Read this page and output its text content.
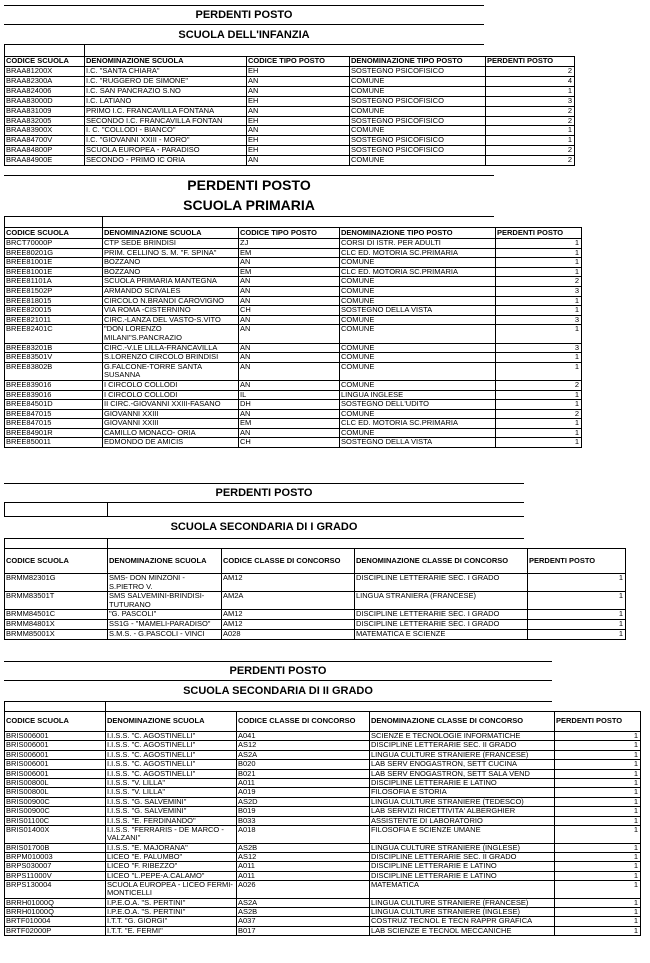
PERDENTI POSTO
SCUOLA DELL'INFANZIA
CODICE SCUOLA	DENOMINAZIONE SCUOLA	CODICE TIPO POSTO	DENOMINAZIONE TIPO POSTO	PERDENTI POSTO
BRAA81200X	I.C. "SANTA CHIARA"	EH	SOSTEGNO PSICOFISICO	2
BRAA82300A	I.C. "RUGGERO DE SIMONE"	AN	COMUNE	4
BRAA824006	I.C. SAN PANCRAZIO S.NO	AN	COMUNE	1
BRAA83000D	I.C. LATIANO	EH	SOSTEGNO PSICOFISICO	3
BRAA831009	PRIMO I.C. FRANCAVILLA FONTANA	AN	COMUNE	2
BRAA832005	SECONDO I.C. FRANCAVILLA FONTAN	EH	SOSTEGNO PSICOFISICO	2
BRAA83900X	I. C. "COLLODI - BIANCO"	AN	COMUNE	1
BRAA84700V	I.C. "GIOVANNI XXIII - MORO"	EH	SOSTEGNO PSICOFISICO	1
BRAA84800P	SCUOLA EUROPEA - PARADISO	EH	SOSTEGNO PSICOFISICO	2
BRAA84900E	SECONDO - PRIMO IC ORIA	AN	COMUNE	2
PERDENTI POSTO
SCUOLA PRIMARIA
CODICE SCUOLA	DENOMINAZIONE SCUOLA	CODICE TIPO POSTO	DENOMINAZIONE TIPO POSTO	PERDENTI POSTO
BRCT70000P	CTP SEDE BRINDISI	ZJ	CORSI DI ISTR. PER ADULTI	1
BREE80201G	PRIM. CELLINO S. M. "F. SPINA"	EM	CLC ED. MOTORIA SC.PRIMARIA	1
BREE81001E	BOZZANO	AN	COMUNE	1
BREE81001E	BOZZANO	EM	CLC ED. MOTORIA SC.PRIMARIA	1
BREE81101A	SCUOLA PRIMARIA MANTEGNA	AN	COMUNE	2
BREE81502P	ARMANDO SCIVALES	AN	COMUNE	3
BREE818015	CIRCOLO N.BRANDI CAROVIGNO	AN	COMUNE	1
BREE820015	VIA ROMA -CISTERNINO	CH	SOSTEGNO DELLA VISTA	1
BREE821011	CIRC.-LANZA DEL VASTO-S.VITO	AN	COMUNE	3
BREE82401C	"DON LORENZO MILANI"S.PANCRAZIO	AN	COMUNE	1
BREE83201B	CIRC.-V.LE LILLA-FRANCAVILLA	AN	COMUNE	3
BREE83501V	S.LORENZO CIRCOLO BRINDISI	AN	COMUNE	1
BREE83802B	G.FALCONE-TORRE SANTA SUSANNA	AN	COMUNE	1
BREE839016	I CIRCOLO COLLODI	AN	COMUNE	2
BREE839016	I CIRCOLO COLLODI	IL	LINGUA INGLESE	1
BREE84501D	II CIRC.-GIOVANNI XXIII-FASANO	DH	SOSTEGNO DELL'UDITO	1
BREE847015	GIOVANNI XXIII	AN	COMUNE	2
BREE847015	GIOVANNI XXIII	EM	CLC ED. MOTORIA SC.PRIMARIA	1
BREE84901R	CAMILLO MONACO- ORIA	AN	COMUNE	1
BREE850011	EDMONDO DE AMICIS	CH	SOSTEGNO DELLA VISTA	1
PERDENTI POSTO
SCUOLA SECONDARIA DI I GRADO
CODICE SCUOLA	DENOMINAZIONE SCUOLA	CODICE CLASSE DI CONCORSO	DENOMINAZIONE CLASSE DI CONCORSO	PERDENTI POSTO
BRMM82301G	SMS- DON MINZONI - S.PIETRO V.	AM12	DISCIPLINE LETTERARIE SEC. I GRADO	1
BRMM83501T	SMS SALVEMINI-BRINDISI-TUTURANO	AM2A	LINGUA STRANIERA (FRANCESE)	1
BRMM84501C	"G. PASCOLI"	AM12	DISCIPLINE LETTERARIE SEC. I GRADO	1
BRMM84801X	SS1G - "MAMELI-PARADISO"	AM12	DISCIPLINE LETTERARIE SEC. I GRADO	1
BRMM85001X	S.M.S. - G.PASCOLI - VINCI	A028	MATEMATICA E SCIENZE	1
PERDENTI POSTO
SCUOLA SECONDARIA DI II GRADO
CODICE SCUOLA	DENOMINAZIONE SCUOLA	CODICE CLASSE DI CONCORSO	DENOMINAZIONE CLASSE DI CONCORSO	PERDENTI POSTO
BRIS006001	I.I.S.S. "C. AGOSTINELLI"	A041	SCIENZE E TECNOLOGIE INFORMATICHE	1
BRIS006001	I.I.S.S. "C. AGOSTINELLI"	AS12	DISCIPLINE LETTERARIE SEC. II GRADO	1
BRIS006001	I.I.S.S. "C. AGOSTINELLI"	AS2A	LINGUA CULTURE STRANIERE (FRANCESE)	1
BRIS006001	I.I.S.S. "C. AGOSTINELLI"	B020	LAB SERV ENOGASTRON, SETT CUCINA	1
BRIS006001	I.I.S.S. "C. AGOSTINELLI"	B021	LAB SERV ENOGASTRON, SETT SALA VEND	1
BRIS00800L	I.I.S.S. "V. LILLA"	A011	DISCIPLINE LETTERARIE E LATINO	1
BRIS00800L	I.I.S.S. "V. LILLA"	A019	FILOSOFIA E STORIA	1
BRIS00900C	I.I.S.S. "G. SALVEMINI"	AS2D	LINGUA CULTURE STRANIERE (TEDESCO)	1
BRIS00900C	I.I.S.S. "G. SALVEMINI"	B019	LAB SERVIZI RICETTIVITA' ALBERGHIER	1
BRIS01100C	I.I.S.S. "E. FERDINANDO"	B033	ASSISTENTE DI LABORATORIO	1
BRIS01400X	I.I.S.S. "FERRARIS - DE MARCO - VALZANI"	A018	FILOSOFIA E SCIENZE UMANE	1
BRIS01700B	I.I.S.S. "E. MAJORANA"	AS2B	LINGUA CULTURE STRANIERE (INGLESE)	1
BRPM010003	LICEO "E. PALUMBO"	AS12	DISCIPLINE LETTERARIE SEC. II GRADO	1
BRPS030007	LICEO "F. RIBEZZO"	A011	DISCIPLINE LETTERARIE E LATINO	1
BRPS11000V	LICEO "L.PEPE-A.CALAMO"	A011	DISCIPLINE LETTERARIE E LATINO	1
BRPS130004	SCUOLA EUROPEA - LICEO FERMI-MONTICELLI	A026	MATEMATICA	1
BRRH01000Q	I.P.E.O.A. "S. PERTINI"	AS2A	LINGUA CULTURE STRANIERE (FRANCESE)	1
BRRH01000Q	I.P.E.O.A. "S. PERTINI"	AS2B	LINGUA CULTURE STRANIERE (INGLESE)	1
BRTF010004	I.T.T. "G. GIORGI"	A037	COSTRUZ TECNOL E TECN RAPPR GRAFICA	1
BRTF02000P	I.T.T. "E. FERMI"	B017	LAB SCIENZE E TECNOL MECCANICHE	1
